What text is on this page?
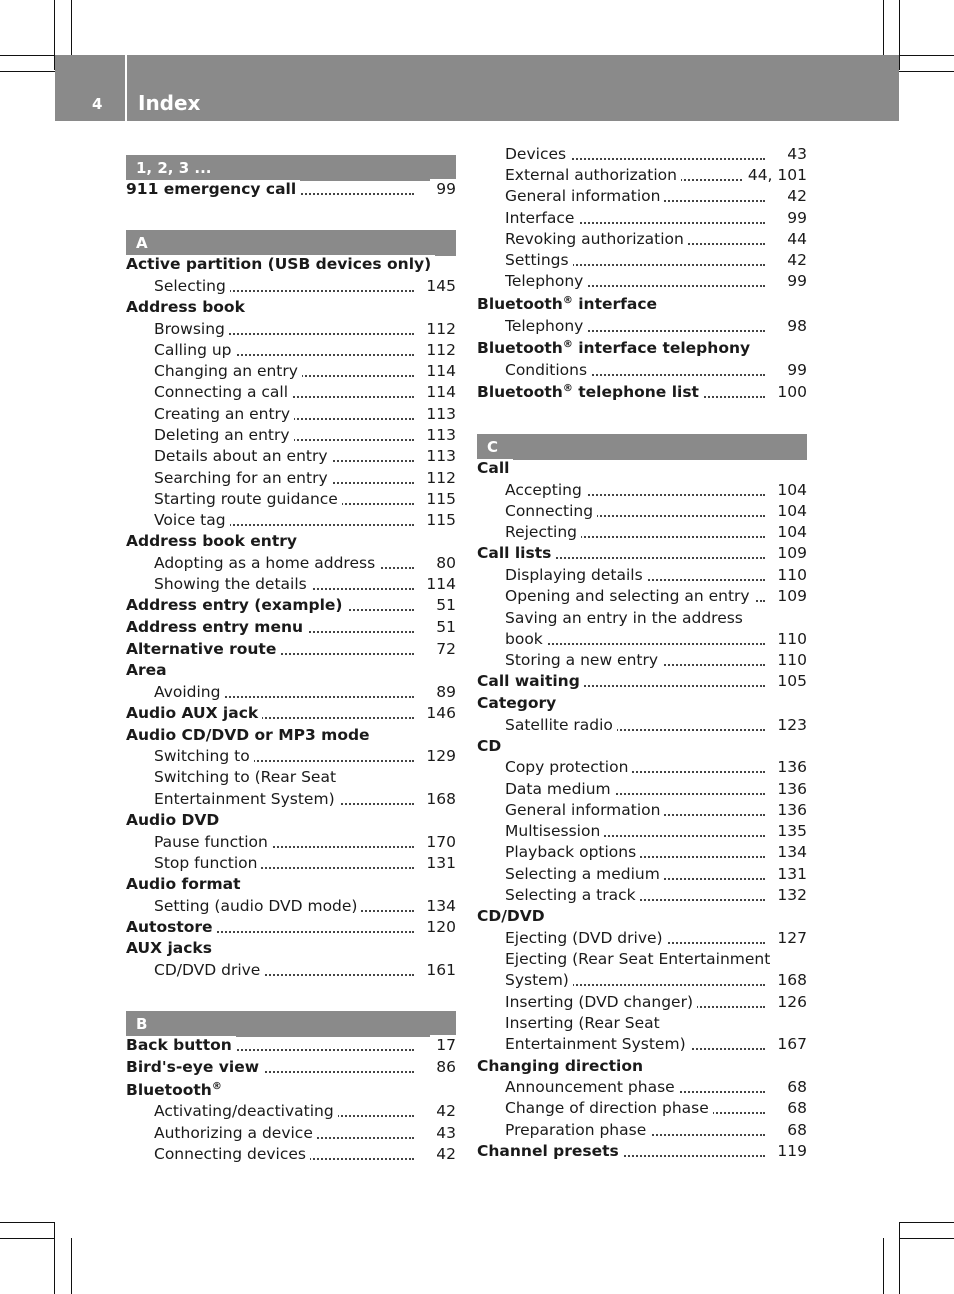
4 Index
1, 2, 3 ...
911 emergency call	99
A
Active partition (USB devices only)
Selecting	145
Address book
Browsing	112
Calling up	112
Changing an entry	114
Connecting a call	114
Creating an entry	113
Deleting an entry	113
Details about an entry	113
Searching for an entry	112
Starting route guidance	115
Voice tag	115
Address book entry
Adopting as a home address	80
Showing the details	114
Address entry (example)	51
Address entry menu	51
Alternative route	72
Area
Avoiding	89
Audio AUX jack	146
Audio CD/DVD or MP3 mode
Switching to	129
Switching to (Rear Seat
Entertainment System)	168
Audio DVD
Pause function	170
Stop function	131
Audio format
Setting (audio DVD mode)	134
Autostore	120
AUX jacks
CD/DVD drive	161
B
Back button	17
Bird's-eye view	86
Bluetooth®
Activating/deactivating	42
Authorizing a device	43
Connecting devices	42
Devices	43
External authorization	44, 101
General information	42
Interface	99
Revoking authorization	44
Settings	42
Telephony	99
Bluetooth® interface
Telephony	98
Bluetooth® interface telephony
Conditions	99
Bluetooth® telephone list	100
C
Call
Accepting	104
Connecting	104
Rejecting	104
Call lists	109
Displaying details	110
Opening and selecting an entry	109
Saving an entry in the address
book	110
Storing a new entry	110
Call waiting	105
Category
Satellite radio	123
CD
Copy protection	136
Data medium	136
General information	136
Multisession	135
Playback options	134
Selecting a medium	131
Selecting a track	132
CD/DVD
Ejecting (DVD drive)	127
Ejecting (Rear Seat Entertainment
System)	168
Inserting (DVD changer)	126
Inserting (Rear Seat
Entertainment System)	167
Changing direction
Announcement phase	68
Change of direction phase	68
Preparation phase	68
Channel presets	119
